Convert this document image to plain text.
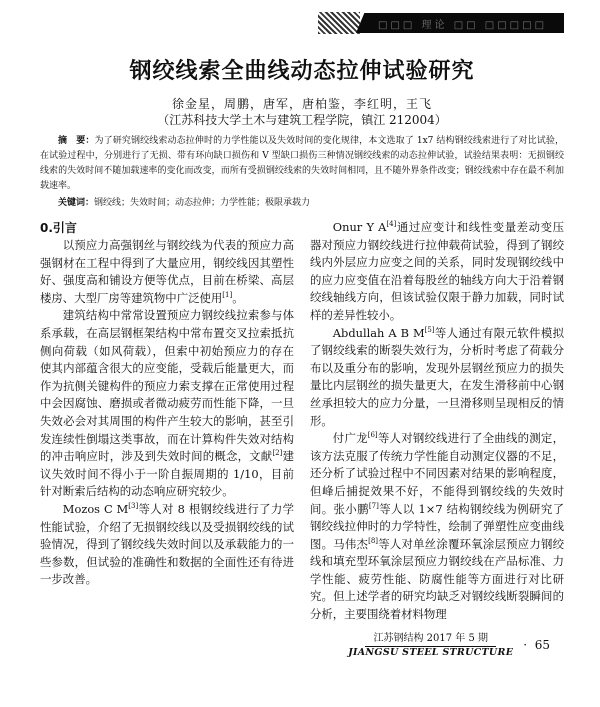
□□□ 理论 □□ □□□□□
钢绞线索全曲线动态拉伸试验研究
徐金星，周鹏，唐军，唐柏鉴，李红明，王飞
（江苏科技大学土木与建筑工程学院，镇江 212004）

摘　要：为了研究钢绞线索动态拉伸时的力学性能以及失效时间的变化规律，本文选取了 1x7 结构钢绞线索进行了对比试验，在试验过程中，分别进行了无损、带有环向缺口损伤和 V 型缺口损伤三种情况钢绞线索的动态拉伸试验，试验结果表明：无损钢绞线索的失效时间不随加载速率的变化而改变，而所有受损钢绞线索的失效时间相同，且不随外界条件改变；钢绞线索中存在最不利加载速率。

关键词：钢绞线；失效时间；动态拉伸；力学性能；极限承载力
0.引言

以预应力高强钢丝与钢绞线为代表的预应力高强钢材在工程中得到了大量应用，钢绞线因其塑性好、强度高和铺设方便等优点，目前在桥梁、高层楼房、大型厂房等建筑物中广泛使用[1]。

建筑结构中常常设置预应力钢绞线拉索参与体系承载，在高层钢框架结构中常布置交叉拉索抵抗侧向荷载（如风荷载），但索中初始预应力的存在使其内部蕴含很大的应变能，受载后能量更大，而作为抗侧关键构件的预应力索支撑在正常使用过程中会因腐蚀、磨损或者微动疲劳而性能下降，一旦失效必会对其周围的构件产生较大的影响，甚至引发连续性倒塌这类事故，而在计算构件失效对结构的冲击响应时，涉及到失效时间的概念，文献[2]建议失效时间不得小于一阶自振周期的 1/10，目前针对断索后结构的动态响应研究较少。

Mozos C M[3]等人对 8 根钢绞线进行了力学性能试验，介绍了无损钢绞线以及受损钢绞线的试验情况，得到了钢绞线失效时间以及承载能力的一些参数，但试验的准确性和数据的全面性还有待进一步改善。

Onur Y A[4]通过应变计和线性变量差动变压器对预应力钢绞线进行拉伸载荷试验，得到了钢绞线内外层应力应变之间的关系，同时发现钢绞线中的应力应变值在沿着每股丝的轴线方向大于沿着钢绞线轴线方向，但该试验仅限于静力加载，同时试样的差异性较小。

Abdullah A B M[5]等人通过有限元软件模拟了钢绞线索的断裂失效行为，分析时考虑了荷载分布以及重分布的影响，发现外层钢丝预应力的损失量比内层钢丝的损失量更大，在发生滑移前中心钢丝承担较大的应力分量，一旦滑移则呈现相反的情形。

付广龙[6]等人对钢绞线进行了全曲线的测定，该方法克服了传统力学性能自动测定仪器的不足，还分析了试验过程中不同因素对结果的影响程度，但峰后捕捉效果不好，不能得到钢绞线的失效时间。张小鹏[7]等人以 1×7 结构钢绞线为例研究了钢绞线拉伸时的力学特性，绘制了弹塑性应变曲线图。马伟杰[8]等人对单丝涂覆环氧涂层预应力钢绞线和填充型环氧涂层预应力钢绞线在产品标准、力学性能、疲劳性能、防腐性能等方面进行对比研究。但上述学者的研究均缺乏对钢绞线断裂瞬间的分析，主要围绕着材料物理

江苏钢结构 2017 年 5 期
JIANGSU STEEL STRUCTURE · 65
